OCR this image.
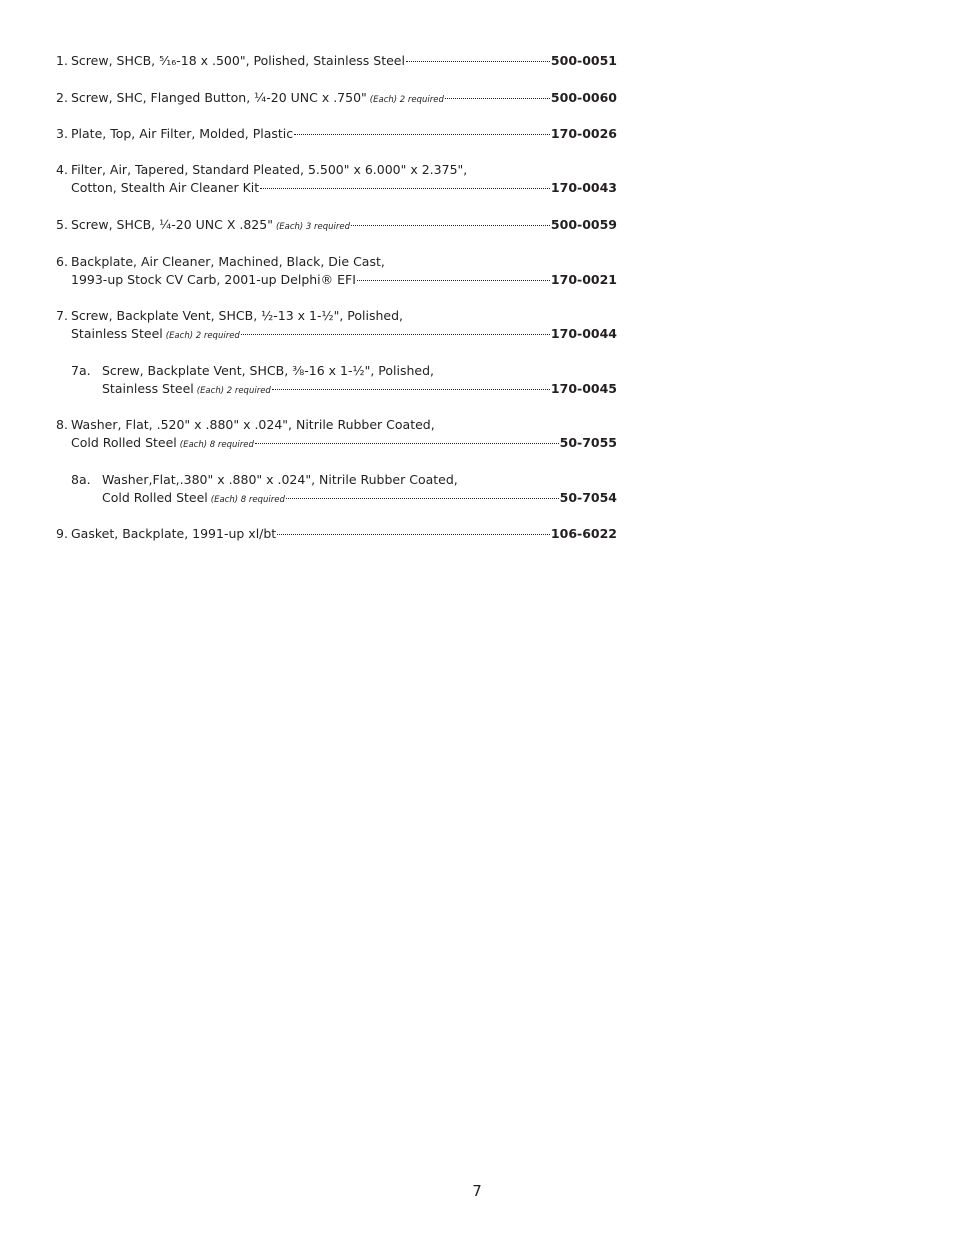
1. Screw, SHCB, ⁵⁄₁₆-18 x .500", Polished, Stainless Steel	500-0051
2. Screw, SHC, Flanged Button, ¼-20 UNC x .750" (Each) 2 required	500-0060
3. Plate, Top, Air Filter, Molded, Plastic	170-0026
4. Filter, Air, Tapered, Standard Pleated, 5.500" x 6.000" x 2.375",
Cotton, Stealth Air Cleaner Kit	170-0043
5. Screw, SHCB, ¼-20 UNC X .825" (Each) 3 required	500-0059
6. Backplate, Air Cleaner, Machined, Black, Die Cast,
1993-up Stock CV Carb, 2001-up Delphi® EFI	170-0021
7. Screw, Backplate Vent, SHCB, ½-13 x 1-½", Polished,
Stainless Steel (Each) 2 required	170-0044
7a. Screw, Backplate Vent, SHCB, ⅜-16 x 1-½", Polished,
Stainless Steel (Each) 2 required	170-0045
8. Washer, Flat, .520" x .880" x .024", Nitrile Rubber Coated,
Cold Rolled Steel (Each) 8 required	50-7055
8a. Washer,Flat,.380" x .880" x .024", Nitrile Rubber Coated,
Cold Rolled Steel (Each) 8 required	50-7054
9. Gasket, Backplate, 1991-up xl/bt	106-6022
7
